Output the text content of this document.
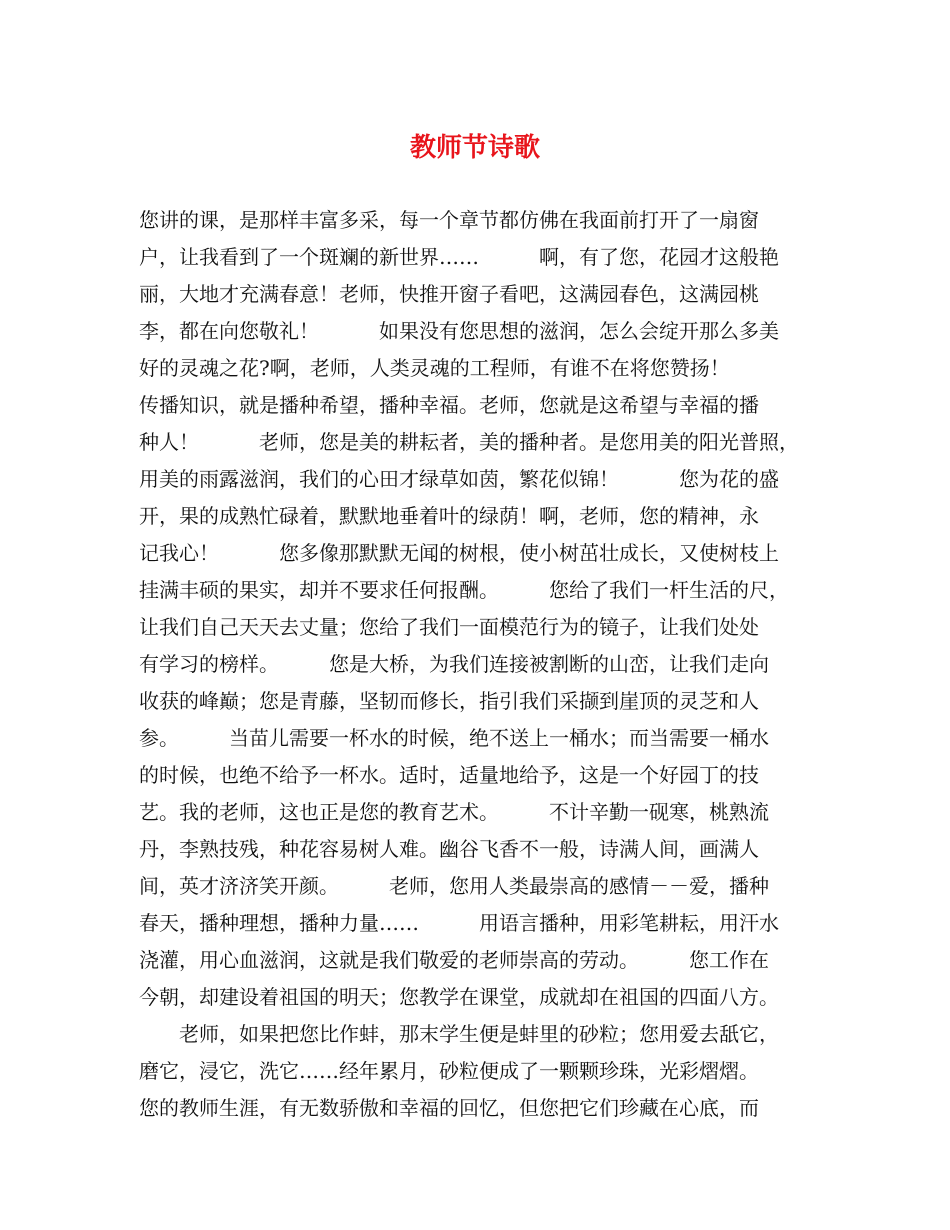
教师节诗歌

您讲的课，是那样丰富多采，每一个章节都仿佛在我面前打开了一扇窗

户，让我看到了一个斑斓的新世界……　　　啊，有了您，花园才这般艳

丽，大地才充满春意！老师，快推开窗子看吧，这满园春色，这满园桃

李，都在向您敬礼！　　　如果没有您思想的滋润，怎么会绽开那么多美

好的灵魂之花?啊，老师，人类灵魂的工程师，有谁不在将您赞扬！

传播知识，就是播种希望，播种幸福。老师，您就是这希望与幸福的播

种人！　　　老师，您是美的耕耘者，美的播种者。是您用美的阳光普照，

用美的雨露滋润，我们的心田才绿草如茵，繁花似锦！　　　您为花的盛

开，果的成熟忙碌着，默默地垂着叶的绿荫！啊，老师，您的精神，永

记我心！　　　您多像那默默无闻的树根，使小树茁壮成长，又使树枝上

挂满丰硕的果实，却并不要求任何报酬。　　　您给了我们一杆生活的尺，

让我们自己天天去丈量；您给了我们一面模范行为的镜子，让我们处处

有学习的榜样。　　　您是大桥，为我们连接被割断的山峦，让我们走向

收获的峰巅；您是青藤，坚韧而修长，指引我们采撷到崖顶的灵芝和人

参。　　　当苗儿需要一杯水的时候，绝不送上一桶水；而当需要一桶水

的时候，也绝不给予一杯水。适时，适量地给予，这是一个好园丁的技

艺。我的老师，这也正是您的教育艺术。　　　不计辛勤一砚寒，桃熟流

丹，李熟技残，种花容易树人难。幽谷飞香不一般，诗满人间，画满人

间，英才济济笑开颜。　　　老师，您用人类最崇高的感情－－爱，播种

春天，播种理想，播种力量……　　　用语言播种，用彩笔耕耘，用汗水

浇灌，用心血滋润，这就是我们敬爱的老师崇高的劳动。　　　您工作在

今朝，却建设着祖国的明天；您教学在课堂，成就却在祖国的四面八方。

　　老师，如果把您比作蚌，那末学生便是蚌里的砂粒；您用爱去舐它，

磨它，浸它，洗它……经年累月，砂粒便成了一颗颗珍珠，光彩熠熠。

您的教师生涯，有无数骄傲和幸福的回忆，但您把它们珍藏在心底，而
